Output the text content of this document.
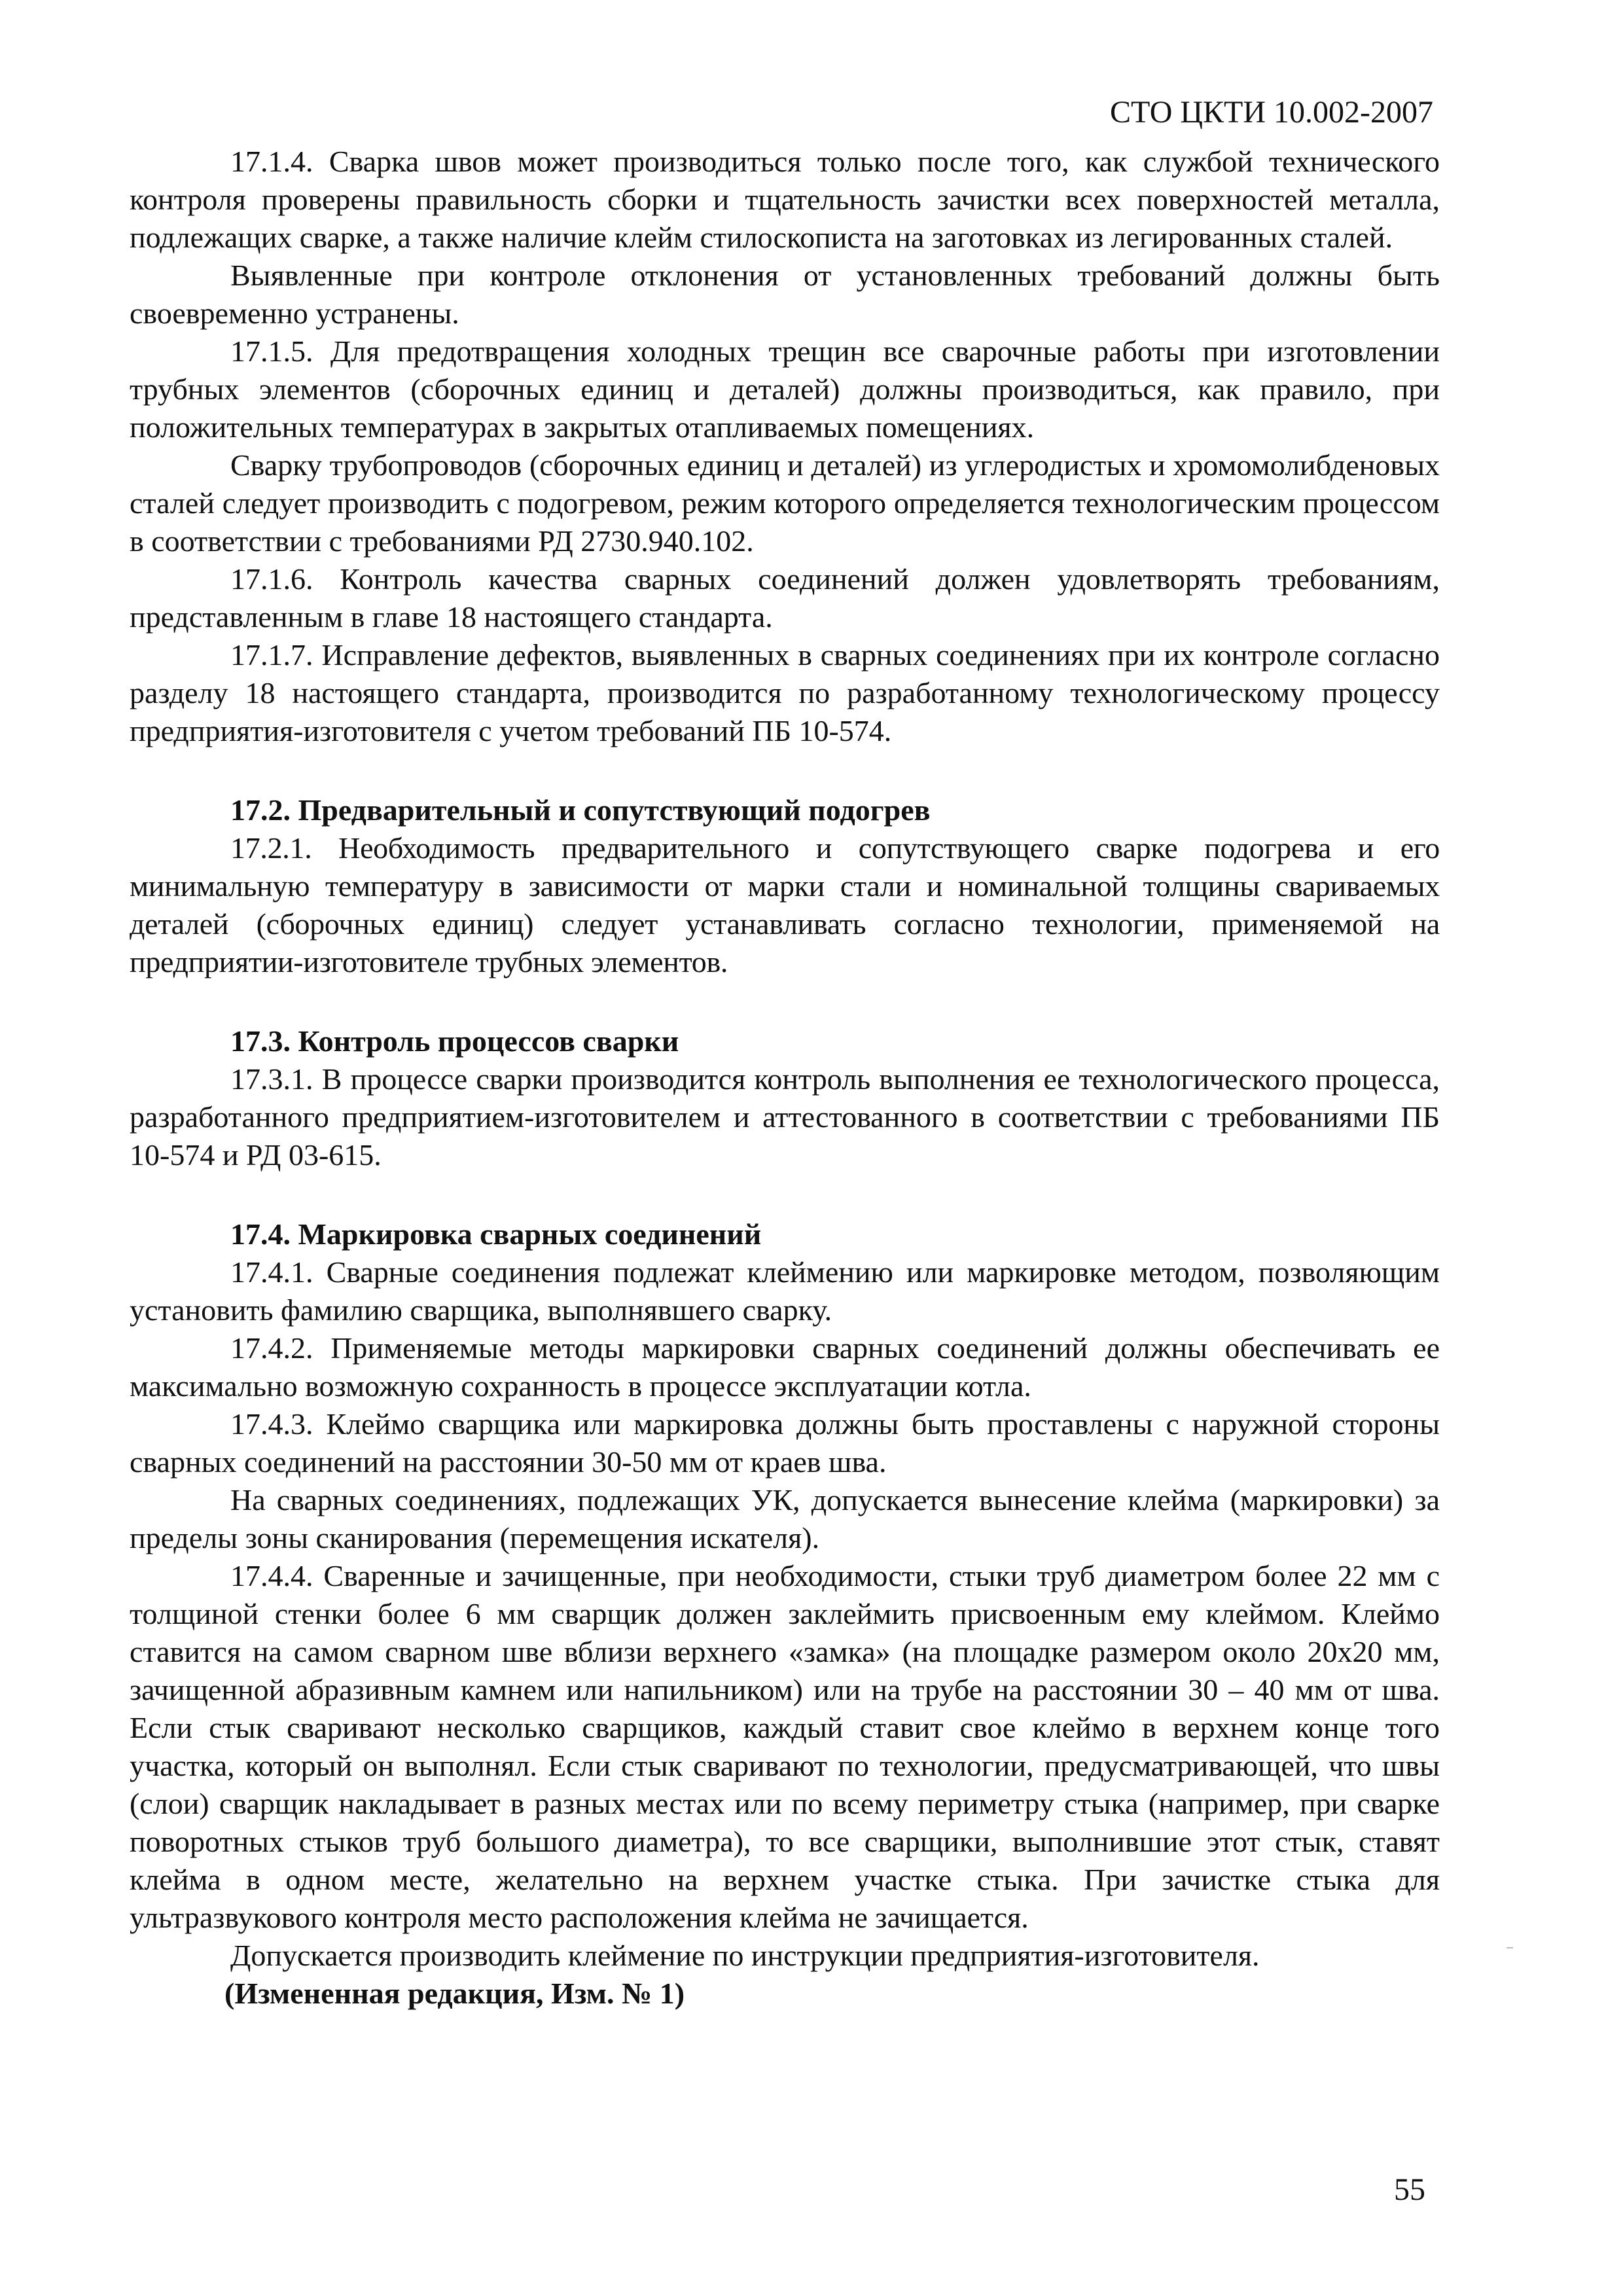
СТО ЦКТИ 10.002-2007

17.1.4. Сварка швов может производиться только после того, как службой технического контроля проверены правильность сборки и тщательность зачистки всех поверхностей металла, подлежащих сварке, а также наличие клейм стилоскописта на заготовках из легированных сталей.

Выявленные при контроле отклонения от установленных требований должны быть своевременно устранены.

17.1.5. Для предотвращения холодных трещин все сварочные работы при изготовлении трубных элементов (сборочных единиц и деталей) должны производиться, как правило, при положительных температурах в закрытых отапливаемых помещениях.

Сварку трубопроводов (сборочных единиц и деталей) из углеродистых и хромомолибденовых сталей следует производить с подогревом, режим которого определяется технологическим процессом в соответствии с требованиями РД 2730.940.102.

17.1.6. Контроль качества сварных соединений должен удовлетворять требованиям, представленным в главе 18 настоящего стандарта.

17.1.7. Исправление дефектов, выявленных в сварных соединениях при их контроле согласно разделу 18 настоящего стандарта, производится по разработанному технологическому процессу предприятия-изготовителя с учетом требований ПБ 10-574.

17.2. Предварительный и сопутствующий подогрев

17.2.1. Необходимость предварительного и сопутствующего сварке подогрева и его минимальную температуру в зависимости от марки стали и номинальной толщины свариваемых деталей (сборочных единиц) следует устанавливать согласно технологии, применяемой на предприятии-изготовителе трубных элементов.

17.3. Контроль процессов сварки

17.3.1. В процессе сварки производится контроль выполнения ее технологического процесса, разработанного предприятием-изготовителем и аттестованного в соответствии с требованиями ПБ 10-574 и РД 03-615.

17.4. Маркировка сварных соединений

17.4.1. Сварные соединения подлежат клеймению или маркировке методом, позволяющим установить фамилию сварщика, выполнявшего сварку.

17.4.2. Применяемые методы маркировки сварных соединений должны обеспечивать ее максимально возможную сохранность в процессе эксплуатации котла.

17.4.3. Клеймо сварщика или маркировка должны быть проставлены с наружной стороны сварных соединений на расстоянии 30-50 мм от краев шва.

На сварных соединениях, подлежащих УК, допускается вынесение клейма (маркировки) за пределы зоны сканирования (перемещения искателя).

17.4.4. Сваренные и зачищенные, при необходимости, стыки труб диаметром более 22 мм с толщиной стенки более 6 мм сварщик должен заклеймить присвоенным ему клеймом. Клеймо ставится на самом сварном шве вблизи верхнего «замка» (на площадке размером около 20х20 мм, зачищенной абразивным камнем или напильником) или на трубе на расстоянии 30 – 40 мм от шва. Если стык сваривают несколько сварщиков, каждый ставит свое клеймо в верхнем конце того участка, который он выполнял. Если стык сваривают по технологии, предусматривающей, что швы (слои) сварщик накладывает в разных местах или по всему периметру стыка (например, при сварке поворотных стыков труб большого диаметра), то все сварщики, выполнившие этот стык, ставят клейма в одном месте, желательно на верхнем участке стыка. При зачистке стыка для ультразвукового контроля место расположения клейма не зачищается.

Допускается производить клеймение по инструкции предприятия-изготовителя.

(Измененная редакция, Изм. № 1)

55
